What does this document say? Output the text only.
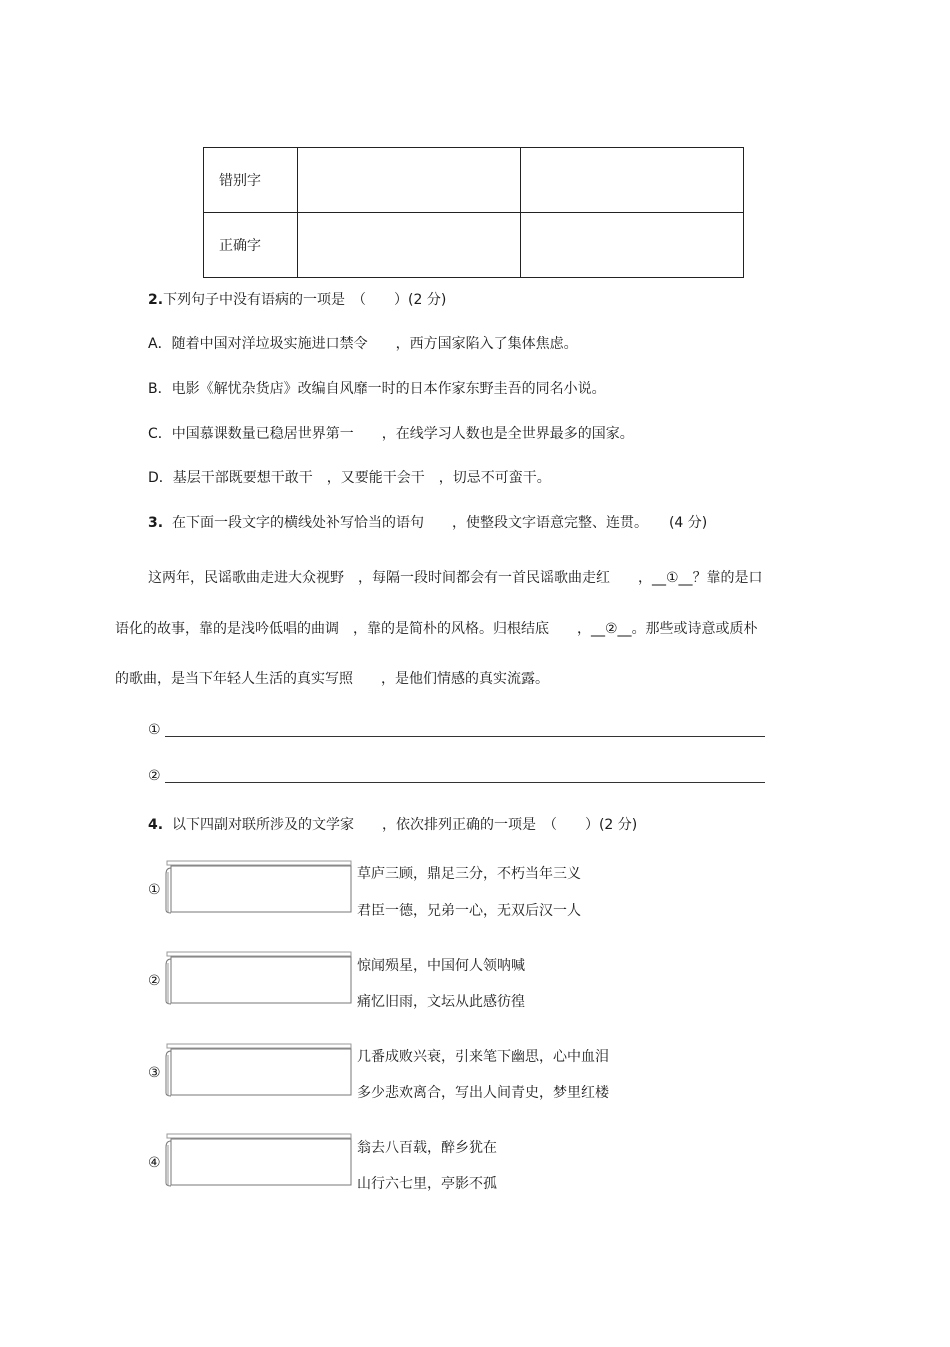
错别字		
正确字		
2.下列句子中没有语病的一项是　（　　）(2 分)
A．随着中国对洋垃圾实施进口禁令　　，西方国家陷入了集体焦虑。
B．电影《解忧杂货店》改编自风靡一时的日本作家东野圭吾的同名小说。
C．中国慕课数量已稳居世界第一　　，在线学习人数也是全世界最多的国家。
D．基层干部既要想干敢干　，又要能干会干　，切忌不可蛮干。
3. 在下面一段文字的横线处补写恰当的语句　　，使整段文字语意完整、连贯。　　(4 分)
这两年，民谣歌曲走进大众视野　，每隔一段时间都会有一首民谣歌曲走红　　，__①__？靠的是口
语化的故事，靠的是浅吟低唱的曲调　，靠的是简朴的风格。归根结底　　，__②__。那些或诗意或质朴
的歌曲，是当下年轻人生活的真实写照　　，是他们情感的真实流露。
①
②
4. 以下四副对联所涉及的文学家　　，依次排列正确的一项是　（　　）(2 分)
①
草庐三顾，鼎足三分，不朽当年三义
君臣一德，兄弟一心，无双后汉一人
②
惊闻殒星，中国何人领呐喊
痛忆旧雨，文坛从此感彷徨
③
几番成败兴衰，引来笔下幽思，心中血泪
多少悲欢离合，写出人间青史，梦里红楼
④
翁去八百载，醉乡犹在
山行六七里，亭影不孤
